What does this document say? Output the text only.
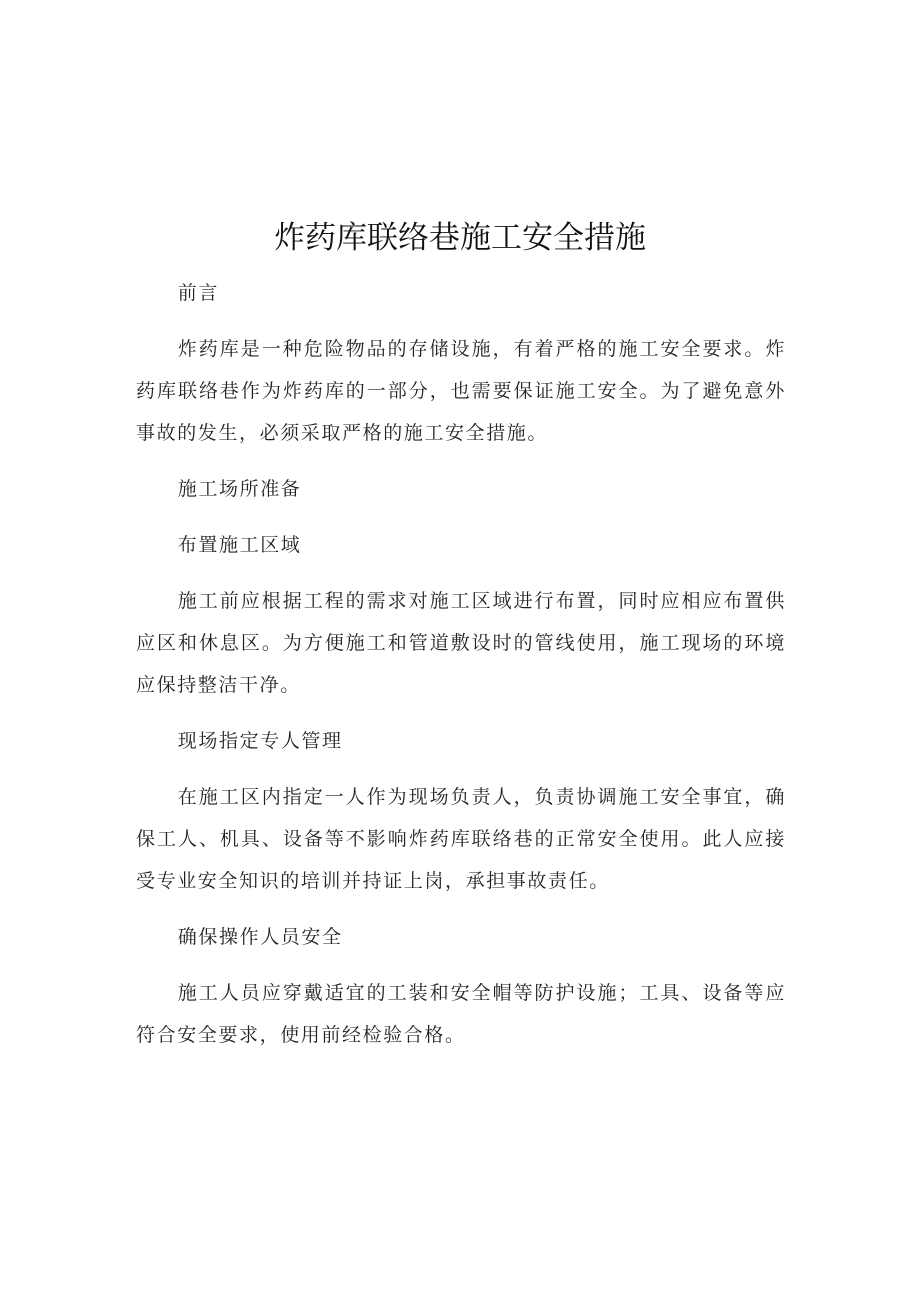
炸药库联络巷施工安全措施

前言

炸药库是一种危险物品的存储设施，有着严格的施工安全要求。炸药库联络巷作为炸药库的一部分，也需要保证施工安全。为了避免意外事故的发生，必须采取严格的施工安全措施。

施工场所准备

布置施工区域

施工前应根据工程的需求对施工区域进行布置，同时应相应布置供应区和休息区。为方便施工和管道敷设时的管线使用，施工现场的环境应保持整洁干净。

现场指定专人管理

在施工区内指定一人作为现场负责人，负责协调施工安全事宜，确保工人、机具、设备等不影响炸药库联络巷的正常安全使用。此人应接受专业安全知识的培训并持证上岗，承担事故责任。

确保操作人员安全

施工人员应穿戴适宜的工装和安全帽等防护设施；工具、设备等应符合安全要求，使用前经检验合格。
